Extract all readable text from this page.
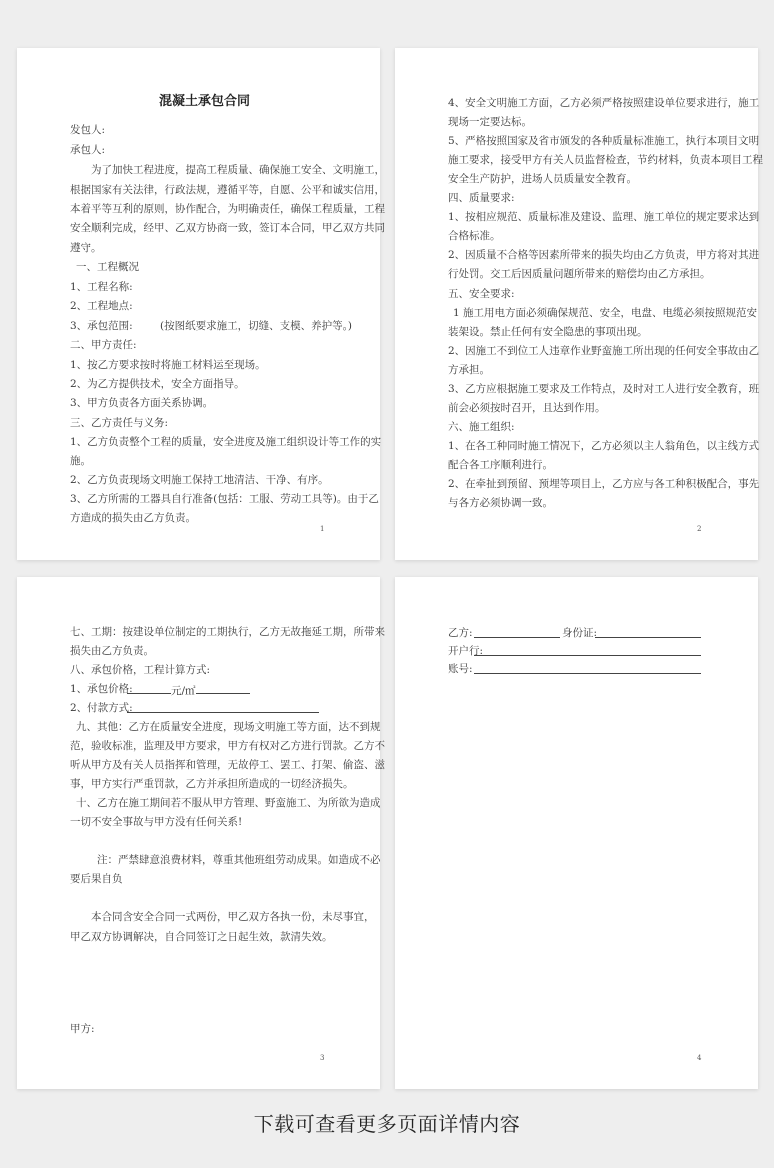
混凝土承包合同
发包人:
承包人:
为了加快工程进度，提高工程质量、确保施工安全、文明施工，
根据国家有关法律，行政法规，遵循平等，自愿、公平和诚实信用，
本着平等互利的原则，协作配合，为明确责任，确保工程质量，工程
安全顺利完成，经甲、乙双方协商一致，签订本合同，甲乙双方共同
遵守。
一、工程概况
1、工程名称:
2、工程地点:
3、承包范围:	(按图纸要求施工，切缝、支模、养护等。)
二、甲方责任:
1、按乙方要求按时将施工材料运至现场。
2、为乙方提供技术，安全方面指导。
3、甲方负责各方面关系协调。
三、乙方责任与义务:
1、乙方负责整个工程的质量，安全进度及施工组织设计等工作的实
施。
2、乙方负责现场文明施工保持工地清洁、干净、有序。
3、乙方所需的工器具自行准备(包括：工服、劳动工具等)。由于乙
方造成的损失由乙方负责。
1
4、安全文明施工方面，乙方必须严格按照建设单位要求进行，施工
现场一定要达标。
5、严格按照国家及省市颁发的各种质量标准施工，执行本项目文明
施工要求，接受甲方有关人员监督检查，节约材料，负责本项目工程
安全生产防护，进场人员质量安全教育。
四、质量要求:
1、按相应规范、质量标准及建设、监理、施工单位的规定要求达到
合格标准。
2、因质量不合格等因素所带来的损失均由乙方负责，甲方将对其进
行处罚。交工后因质量问题所带来的赔偿均由乙方承担。
五、安全要求:
1 施工用电方面必须确保规范、安全，电盘、电缆必须按照规范安
装架设。禁止任何有安全隐患的事项出现。
2、因施工不到位工人违章作业野蛮施工所出现的任何安全事故由乙
方承担。
3、乙方应根据施工要求及工作特点，及时对工人进行安全教育，班
前会必须按时召开，且达到作用。
六、施工组织:
1、在各工种同时施工情况下，乙方必须以主人翁角色，以主线方式
配合各工序顺利进行。
2、在牵扯到预留、预埋等项目上，乙方应与各工种积极配合，事先
与各方必须协调一致。
2
七、工期：按建设单位制定的工期执行，乙方无故拖延工期，所带来
损失由乙方负责。
八、承包价格，工程计算方式:
1、承包价格:	元/㎡
2、付款方式:
九、其他：乙方在质量安全进度，现场文明施工等方面，达不到规
范，验收标准，监理及甲方要求，甲方有权对乙方进行罚款。乙方不
听从甲方及有关人员指挥和管理，无故停工、罢工、打架、偷盗、滋
事，甲方实行严重罚款，乙方并承担所造成的一切经济损失。
十、乙方在施工期间若不服从甲方管理、野蛮施工、为所欲为造成
一切不安全事故与甲方没有任何关系!
注：严禁肆意浪费材料，尊重其他班组劳动成果。如造成不必
要后果自负
本合同含安全合同一式两份，甲乙双方各执一份，未尽事宜，
甲乙双方协调解决，自合同签订之日起生效，款清失效。
甲方:
3
乙方:	身份证:
开户行:
账号:
4
下载可查看更多页面详情内容
